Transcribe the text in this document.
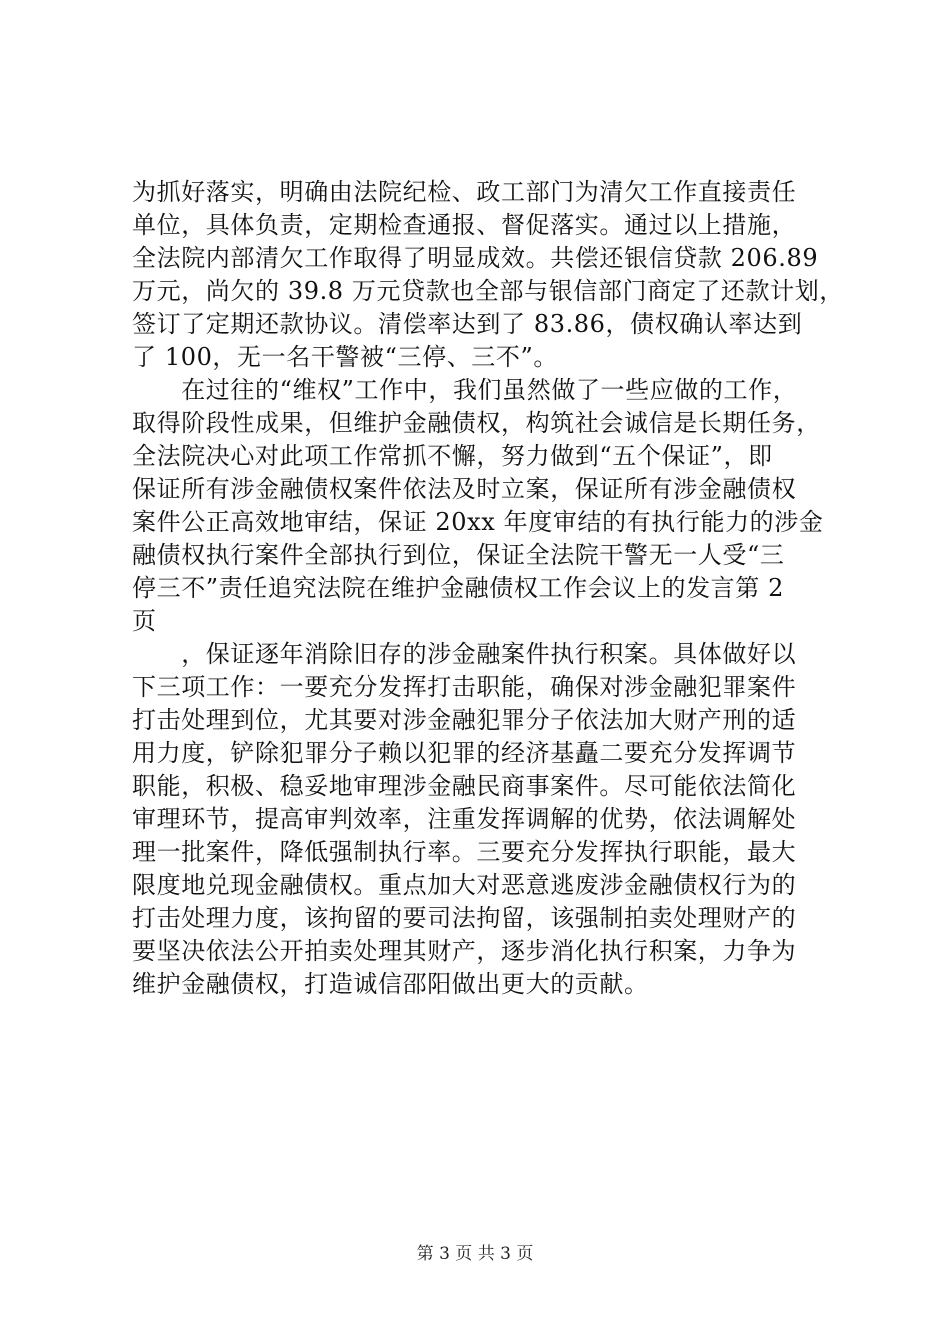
为抓好落实，明确由法院纪检、政工部门为清欠工作直接责任
单位，具体负责，定期检查通报、督促落实。通过以上措施，
全法院内部清欠工作取得了明显成效。共偿还银信贷款 206.89
万元，尚欠的 39.8 万元贷款也全部与银信部门商定了还款计划，
签订了定期还款协议。清偿率达到了 83.86，债权确认率达到
了 100，无一名干警被“三停、三不”。
　　在过往的“维权”工作中，我们虽然做了一些应做的工作，
取得阶段性成果，但维护金融债权，构筑社会诚信是长期任务，
全法院决心对此项工作常抓不懈，努力做到“五个保证”，即
保证所有涉金融债权案件依法及时立案，保证所有涉金融债权
案件公正高效地审结，保证 20xx 年度审结的有执行能力的涉金
融债权执行案件全部执行到位，保证全法院干警无一人受“三
停三不”责任追究法院在维护金融债权工作会议上的发言第 2
页
　　，保证逐年消除旧存的涉金融案件执行积案。具体做好以
下三项工作：一要充分发挥打击职能，确保对涉金融犯罪案件
打击处理到位，尤其要对涉金融犯罪分子依法加大财产刑的适
用力度，铲除犯罪分子赖以犯罪的经济基矗二要充分发挥调节
职能，积极、稳妥地审理涉金融民商事案件。尽可能依法简化
审理环节，提高审判效率，注重发挥调解的优势，依法调解处
理一批案件，降低强制执行率。三要充分发挥执行职能，最大
限度地兑现金融债权。重点加大对恶意逃废涉金融债权行为的
打击处理力度，该拘留的要司法拘留，该强制拍卖处理财产的
要坚决依法公开拍卖处理其财产，逐步消化执行积案，力争为
维护金融债权，打造诚信邵阳做出更大的贡献。
第 3 页 共 3 页
